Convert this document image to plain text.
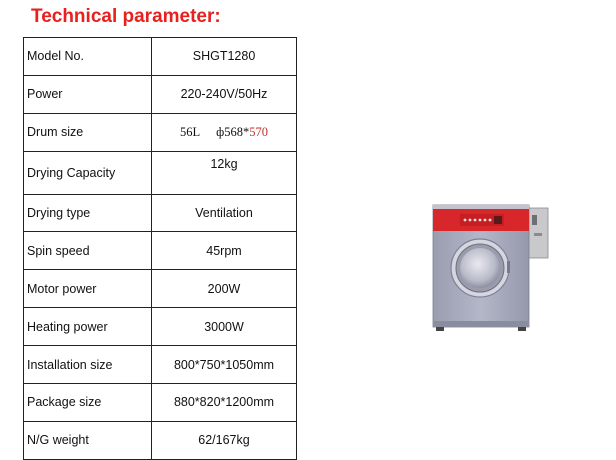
Technical parameter:
Model No.	SHGT1280
Power	220-240V/50Hz
Drum size	56L ф568*570
Drying Capacity	12kg
Drying type	Ventilation
Spin speed	45rpm
Motor power	200W
Heating power	3000W
Installation size	800*750*1050mm
Package size	880*820*1200mm
N/G weight	62/167kg
